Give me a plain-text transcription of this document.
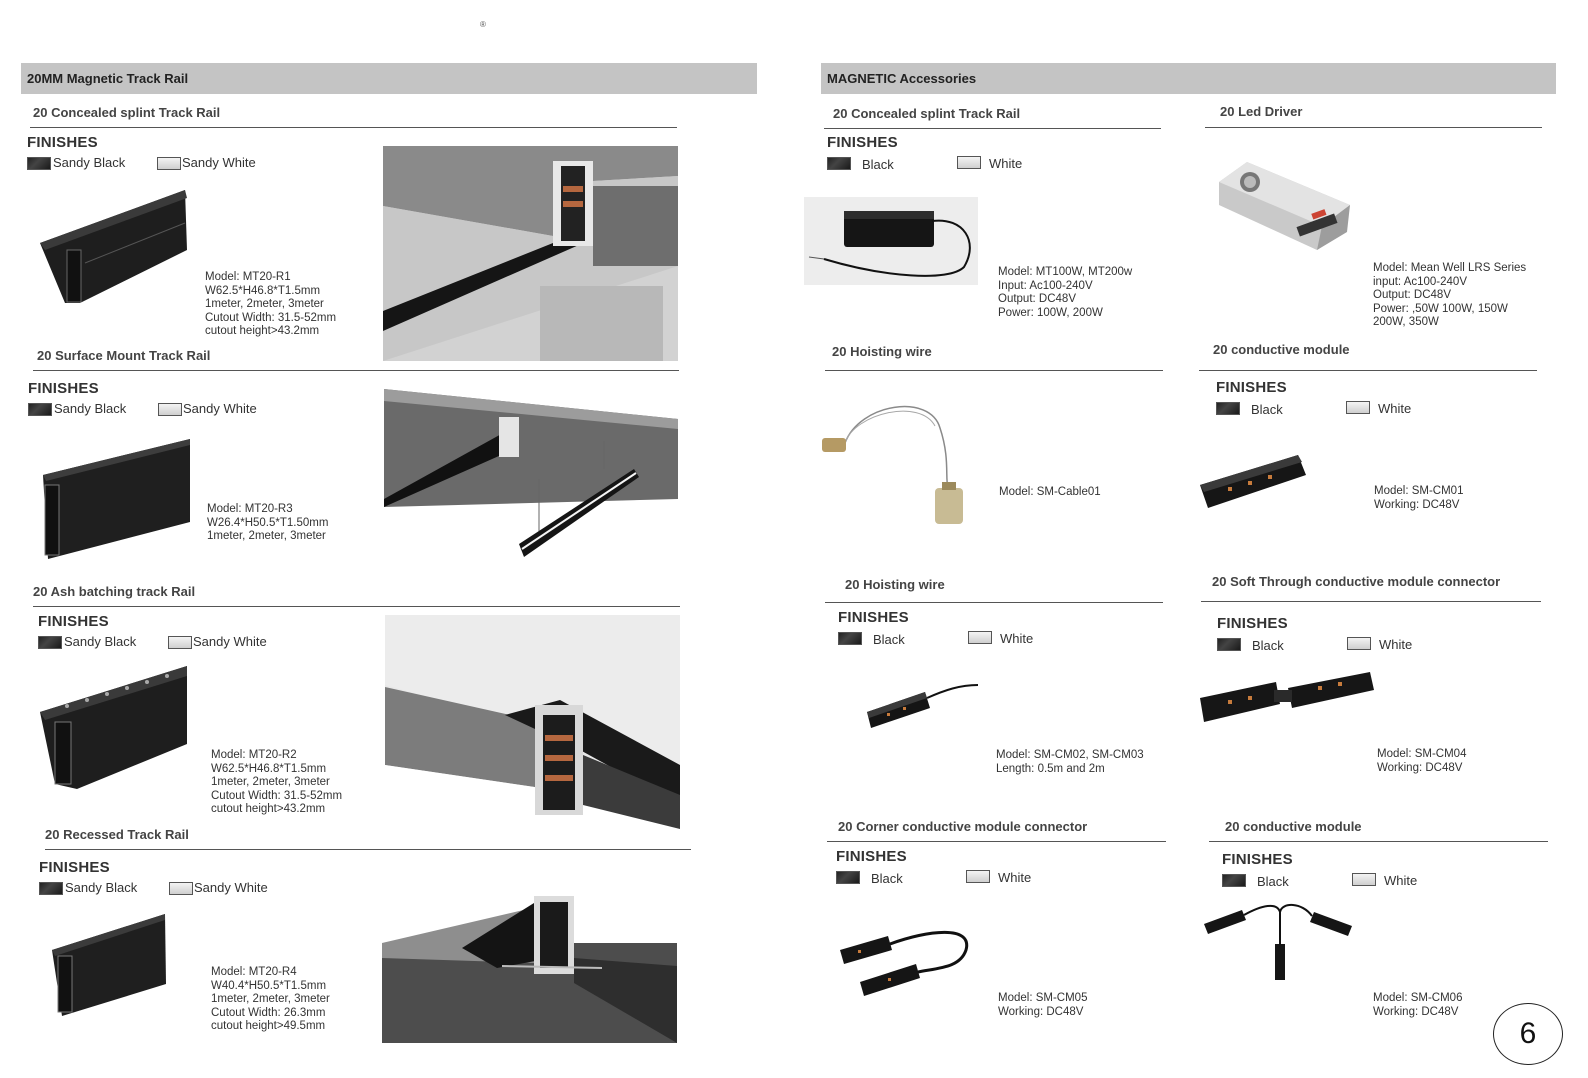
®
20MM Magnetic Track Rail
20 Concealed splint Track Rail
FINISHES
Sandy Black	Sandy White
Model: MT20-R1
W62.5*H46.8*T1.5mm
1meter, 2meter, 3meter
Cutout Width: 31.5-52mm
cutout height>43.2mm
20 Surface Mount Track Rail
FINISHES
Sandy Black	Sandy White
Model: MT20-R3
W26.4*H50.5*T1.50mm
1meter, 2meter, 3meter
20 Ash batching track Rail
FINISHES
Sandy Black	Sandy White
Model: MT20-R2
W62.5*H46.8*T1.5mm
1meter, 2meter, 3meter
Cutout Width: 31.5-52mm
cutout height>43.2mm
20 Recessed Track Rail
FINISHES
Sandy Black	Sandy White
Model: MT20-R4
W40.4*H50.5*T1.5mm
1meter, 2meter, 3meter
Cutout Width: 26.3mm
cutout height>49.5mm
MAGNETIC Accessories
20 Concealed splint Track Rail
FINISHES
Black	White
Model: MT100W, MT200w
Input: Ac100-240V
Output: DC48V
Power: 100W, 200W
20 Led Driver
Model: Mean Well LRS Series
input: Ac100-240V
Output: DC48V
Power: ,50W 100W, 150W
200W, 350W
20 Hoisting wire
Model: SM-Cable01
20 conductive module
FINISHES
Black	White
Model: SM-CM01
Working: DC48V
20 Hoisting wire
FINISHES
Black	White
Model: SM-CM02, SM-CM03
Length: 0.5m and 2m
20 Soft Through conductive module connector
FINISHES
Black	White
Model: SM-CM04
Working: DC48V
20 Corner conductive module connector
FINISHES
Black	White
Model: SM-CM05
Working: DC48V
20 conductive module
FINISHES
Black	White
Model: SM-CM06
Working: DC48V
6
